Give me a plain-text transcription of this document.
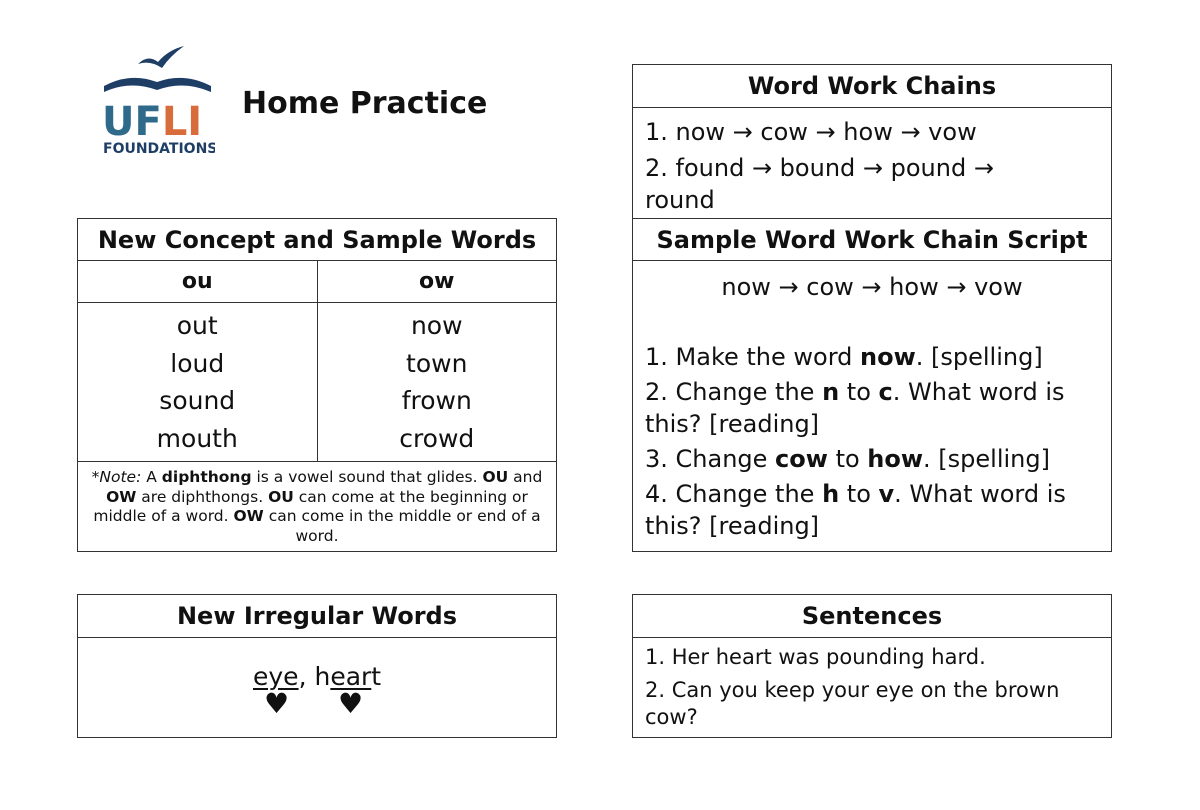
UFLI
FOUNDATIONS
Home Practice
New Concept and Sample Words
ou	ow
out
loud
sound
mouth
now
town
frown
crowd
*Note: A diphthong is a vowel sound that glides. OU and OW are diphthongs. OU can come at the beginning or middle of a word. OW can come in the middle or end of a word.
New Irregular Words
eye, heart
♥ ♥
Word Work Chains
1. now → cow → how → vow
2. found → bound → pound →
round
Sample Word Work Chain Script
now → cow → how → vow
1. Make the word now. [spelling]
2. Change the n to c. What word is
this? [reading]
3. Change cow to how. [spelling]
4. Change the h to v. What word is
this? [reading]
Sentences
1. Her heart was pounding hard.
2. Can you keep your eye on the brown
cow?
